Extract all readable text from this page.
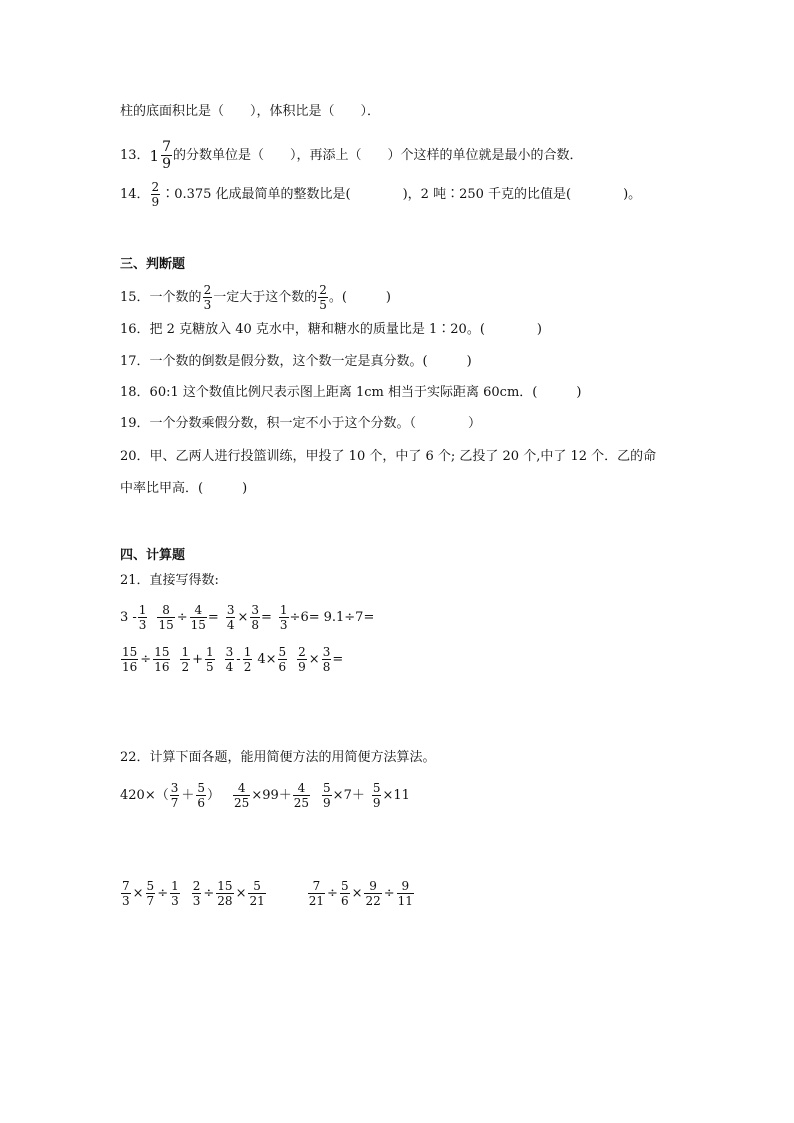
柱的底面积比是（　　），体积比是（　　）．
13． $1 \frac{7}{9}$ 的分数单位是（　　），再添上（　　）个这样的单位就是最小的合数．
14． $\frac{2}{9}$ ∶0.375 化成最简单的整数比是(　　　　)，2 吨∶250 千克的比值是(　　　　)。
三、判断题
15．一个数的 $\frac{2}{3}$ 一定大于这个数的 $\frac{2}{5}$ 。(　　　)
16．把 2 克糖放入 40 克水中，糖和糖水的质量比是 1∶20。(　　　　)
17．一个数的倒数是假分数，这个数一定是真分数。(　　　)
18．60:1 这个数值比例尺表示图上距离 1cm 相当于实际距离 60cm．(　　　)
19．一个分数乘假分数，积一定不小于这个分数。（　　　　）
20．甲、乙两人进行投篮训练，甲投了 10 个，中了 6 个; 乙投了 20 个,中了 12 个．乙的命
中率比甲高．(　　　)
四、计算题
21．直接写得数:
$3 - \frac{1}{3} \frac{8}{15} \div \frac{4}{15} = \frac{3}{4} \times \frac{3}{8} = \frac{1}{3} \div 6= 9.1\div 7=$
$\frac{15}{16} \div \frac{15}{16} \frac{1}{2} + \frac{1}{5} \frac{3}{4} - \frac{1}{2} 4\times \frac{5}{6} \frac{2}{9} \times \frac{3}{8}$ =
22．计算下面各题，能用简便方法的用简便方法算法。
$420\times( \frac{3}{7} + \frac{5}{6}$ ） $\frac{4}{25} \times 99+ \frac{4}{25} \frac{5}{9} \times 7+ \frac{5}{9} \times 11$
$\frac{7}{3} \times \frac{5}{7} \div \frac{1}{3} \frac{2}{3} \div \frac{15}{28} \times \frac{5}{21}$	$\frac{7}{21} \div \frac{5}{6} \times \frac{9}{22} \div \frac{9}{11}$
